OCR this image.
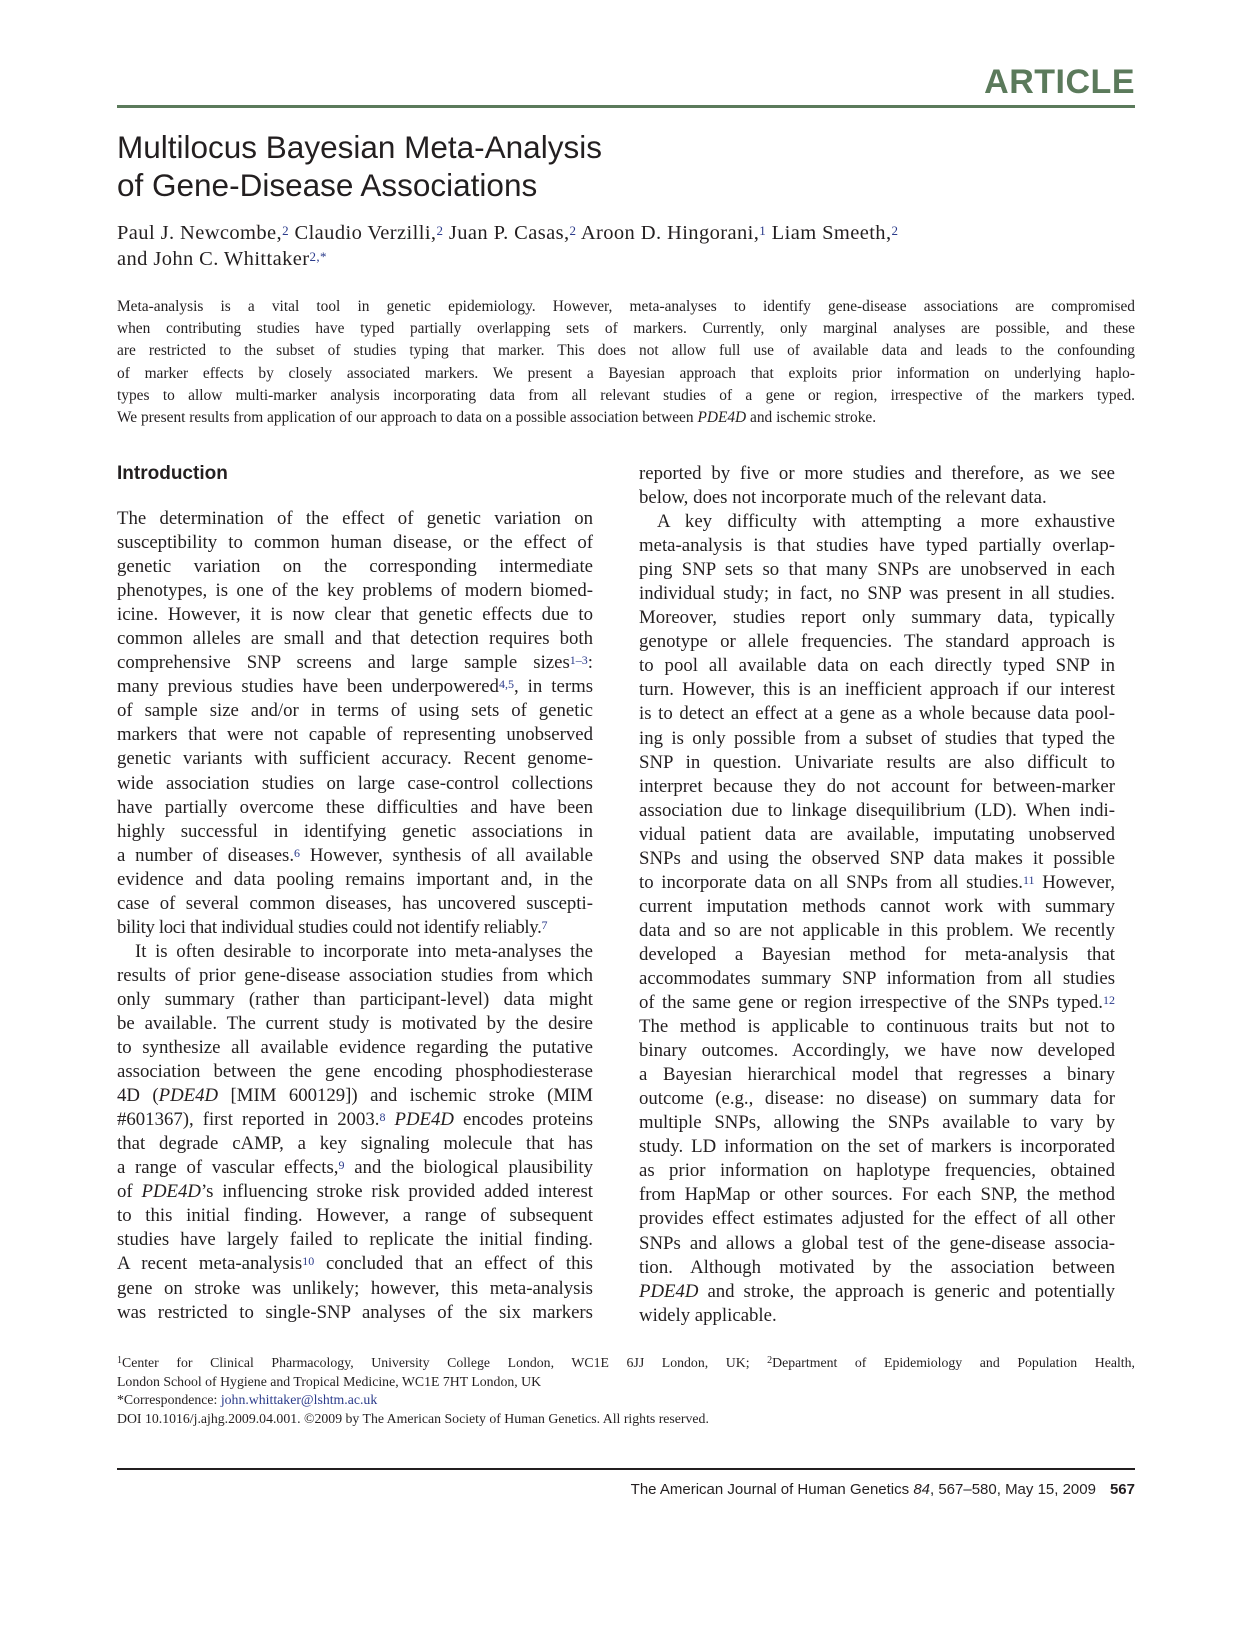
ARTICLE
Multilocus Bayesian Meta-Analysis
of Gene-Disease Associations
Paul J. Newcombe,$^2$ Claudio Verzilli,$^2$ Juan P. Casas,$^2$ Aroon D. Hingorani,$^1$ Liam Smeeth,$^2$
and John C. Whittaker$^{2,*}$
Meta-analysis is a vital tool in genetic epidemiology. However, meta-analyses to identify gene-disease associations are compromised
when contributing studies have typed partially overlapping sets of markers. Currently, only marginal analyses are possible, and these
are restricted to the subset of studies typing that marker. This does not allow full use of available data and leads to the confounding
of marker effects by closely associated markers. We present a Bayesian approach that exploits prior information on underlying haplo-
types to allow multi-marker analysis incorporating data from all relevant studies of a gene or region, irrespective of the markers typed.
We present results from application of our approach to data on a possible association between PDE4D and ischemic stroke.
Introduction
The determination of the effect of genetic variation on
susceptibility to common human disease, or the effect of
genetic variation on the corresponding intermediate
phenotypes, is one of the key problems of modern biomed-
icine. However, it is now clear that genetic effects due to
common alleles are small and that detection requires both
comprehensive SNP screens and large sample sizes$^{1-3}$:
many previous studies have been underpowered$^{4,5}$, in terms
of sample size and/or in terms of using sets of genetic
markers that were not capable of representing unobserved
genetic variants with sufficient accuracy. Recent genome-
wide association studies on large case-control collections
have partially overcome these difficulties and have been
highly successful in identifying genetic associations in
a number of diseases.$^6$ However, synthesis of all available
evidence and data pooling remains important and, in the
case of several common diseases, has uncovered suscepti-
bility loci that individual studies could not identify reliably.$^7$
It is often desirable to incorporate into meta-analyses the
results of prior gene-disease association studies from which
only summary (rather than participant-level) data might
be available. The current study is motivated by the desire
to synthesize all available evidence regarding the putative
association between the gene encoding phosphodiesterase
4D (PDE4D [MIM 600129]) and ischemic stroke (MIM
#601367), first reported in 2003.$^8$ PDE4D encodes proteins
that degrade cAMP, a key signaling molecule that has
a range of vascular effects,$^9$ and the biological plausibility
of PDE4D’s influencing stroke risk provided added interest
to this initial finding. However, a range of subsequent
studies have largely failed to replicate the initial finding.
A recent meta-analysis$^{10}$ concluded that an effect of this
gene on stroke was unlikely; however, this meta-analysis
was restricted to single-SNP analyses of the six markers
reported by five or more studies and therefore, as we see
below, does not incorporate much of the relevant data.
A key difficulty with attempting a more exhaustive
meta-analysis is that studies have typed partially overlap-
ping SNP sets so that many SNPs are unobserved in each
individual study; in fact, no SNP was present in all studies.
Moreover, studies report only summary data, typically
genotype or allele frequencies. The standard approach is
to pool all available data on each directly typed SNP in
turn. However, this is an inefficient approach if our interest
is to detect an effect at a gene as a whole because data pool-
ing is only possible from a subset of studies that typed the
SNP in question. Univariate results are also difficult to
interpret because they do not account for between-marker
association due to linkage disequilibrium (LD). When indi-
vidual patient data are available, imputating unobserved
SNPs and using the observed SNP data makes it possible
to incorporate data on all SNPs from all studies.$^{11}$ However,
current imputation methods cannot work with summary
data and so are not applicable in this problem. We recently
developed a Bayesian method for meta-analysis that
accommodates summary SNP information from all studies
of the same gene or region irrespective of the SNPs typed.$^{12}$
The method is applicable to continuous traits but not to
binary outcomes. Accordingly, we have now developed
a Bayesian hierarchical model that regresses a binary
outcome (e.g., disease: no disease) on summary data for
multiple SNPs, allowing the SNPs available to vary by
study. LD information on the set of markers is incorporated
as prior information on haplotype frequencies, obtained
from HapMap or other sources. For each SNP, the method
provides effect estimates adjusted for the effect of all other
SNPs and allows a global test of the gene-disease associa-
tion. Although motivated by the association between
PDE4D and stroke, the approach is generic and potentially
widely applicable.
$^1$Center for Clinical Pharmacology, University College London, WC1E 6JJ London, UK; $^2$Department of Epidemiology and Population Health,
London School of Hygiene and Tropical Medicine, WC1E 7HT London, UK
*Correspondence: john.whittaker@lshtm.ac.uk
DOI 10.1016/j.ajhg.2009.04.001. ©2009 by The American Society of Human Genetics. All rights reserved.
The American Journal of Human Genetics 84, 567–580, May 15, 2009 567
